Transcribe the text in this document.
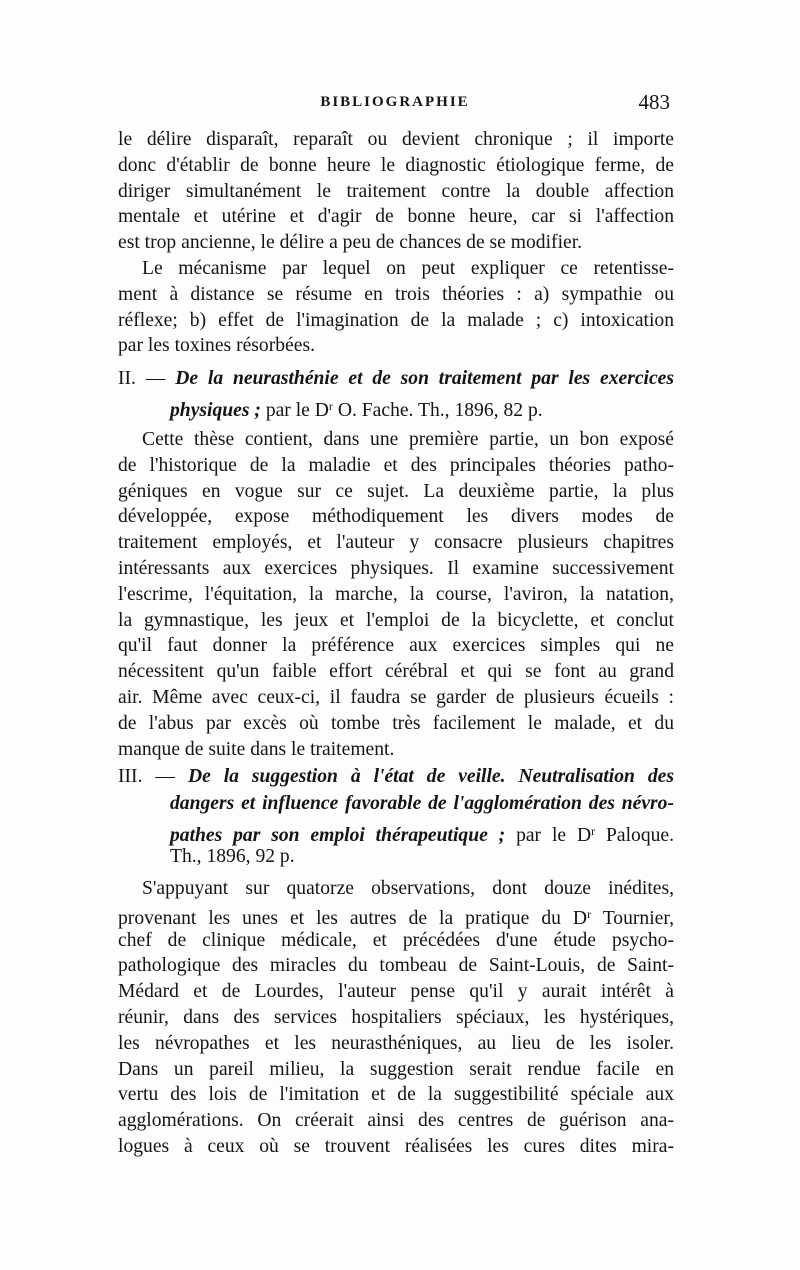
BIBLIOGRAPHIE	483
le délire disparaît, reparaît ou devient chronique ; il importe
donc d'établir de bonne heure le diagnostic étiologique ferme, de
diriger simultanément le traitement contre la double affection
mentale et utérine et d'agir de bonne heure, car si l'affection
est trop ancienne, le délire a peu de chances de se modifier.
Le mécanisme par lequel on peut expliquer ce retentisse-
ment à distance se résume en trois théories : a) sympathie ou
réflexe; b) effet de l'imagination de la malade ; c) intoxication
par les toxines résorbées.
II. — De la neurasthénie et de son traitement par les exercices
physiques ; par le $D^r$ O. Fache. Th., 1896, 82 p.
Cette thèse contient, dans une première partie, un bon exposé
de l'historique de la maladie et des principales théories patho-
géniques en vogue sur ce sujet. La deuxième partie, la plus
développée, expose méthodiquement les divers modes de
traitement employés, et l'auteur y consacre plusieurs chapitres
intéressants aux exercices physiques. Il examine successivement
l'escrime, l'équitation, la marche, la course, l'aviron, la natation,
la gymnastique, les jeux et l'emploi de la bicyclette, et conclut
qu'il faut donner la préférence aux exercices simples qui ne
nécessitent qu'un faible effort cérébral et qui se font au grand
air. Même avec ceux-ci, il faudra se garder de plusieurs écueils :
de l'abus par excès où tombe très facilement le malade, et du
manque de suite dans le traitement.
III. — De la suggestion à l'état de veille. Neutralisation des
dangers et influence favorable de l'agglomération des névro-
pathes par son emploi thérapeutique ; par le $D^r$ Paloque.
Th., 1896, 92 p.
S'appuyant sur quatorze observations, dont douze inédites,
provenant les unes et les autres de la pratique du $D^r$ Tournier,
chef de clinique médicale, et précédées d'une étude psycho-
pathologique des miracles du tombeau de Saint-Louis, de Saint-
Médard et de Lourdes, l'auteur pense qu'il y aurait intérêt à
réunir, dans des services hospitaliers spéciaux, les hystériques,
les névropathes et les neurasthéniques, au lieu de les isoler.
Dans un pareil milieu, la suggestion serait rendue facile en
vertu des lois de l'imitation et de la suggestibilité spéciale aux
agglomérations. On créerait ainsi des centres de guérison ana-
logues à ceux où se trouvent réalisées les cures dites mira-
